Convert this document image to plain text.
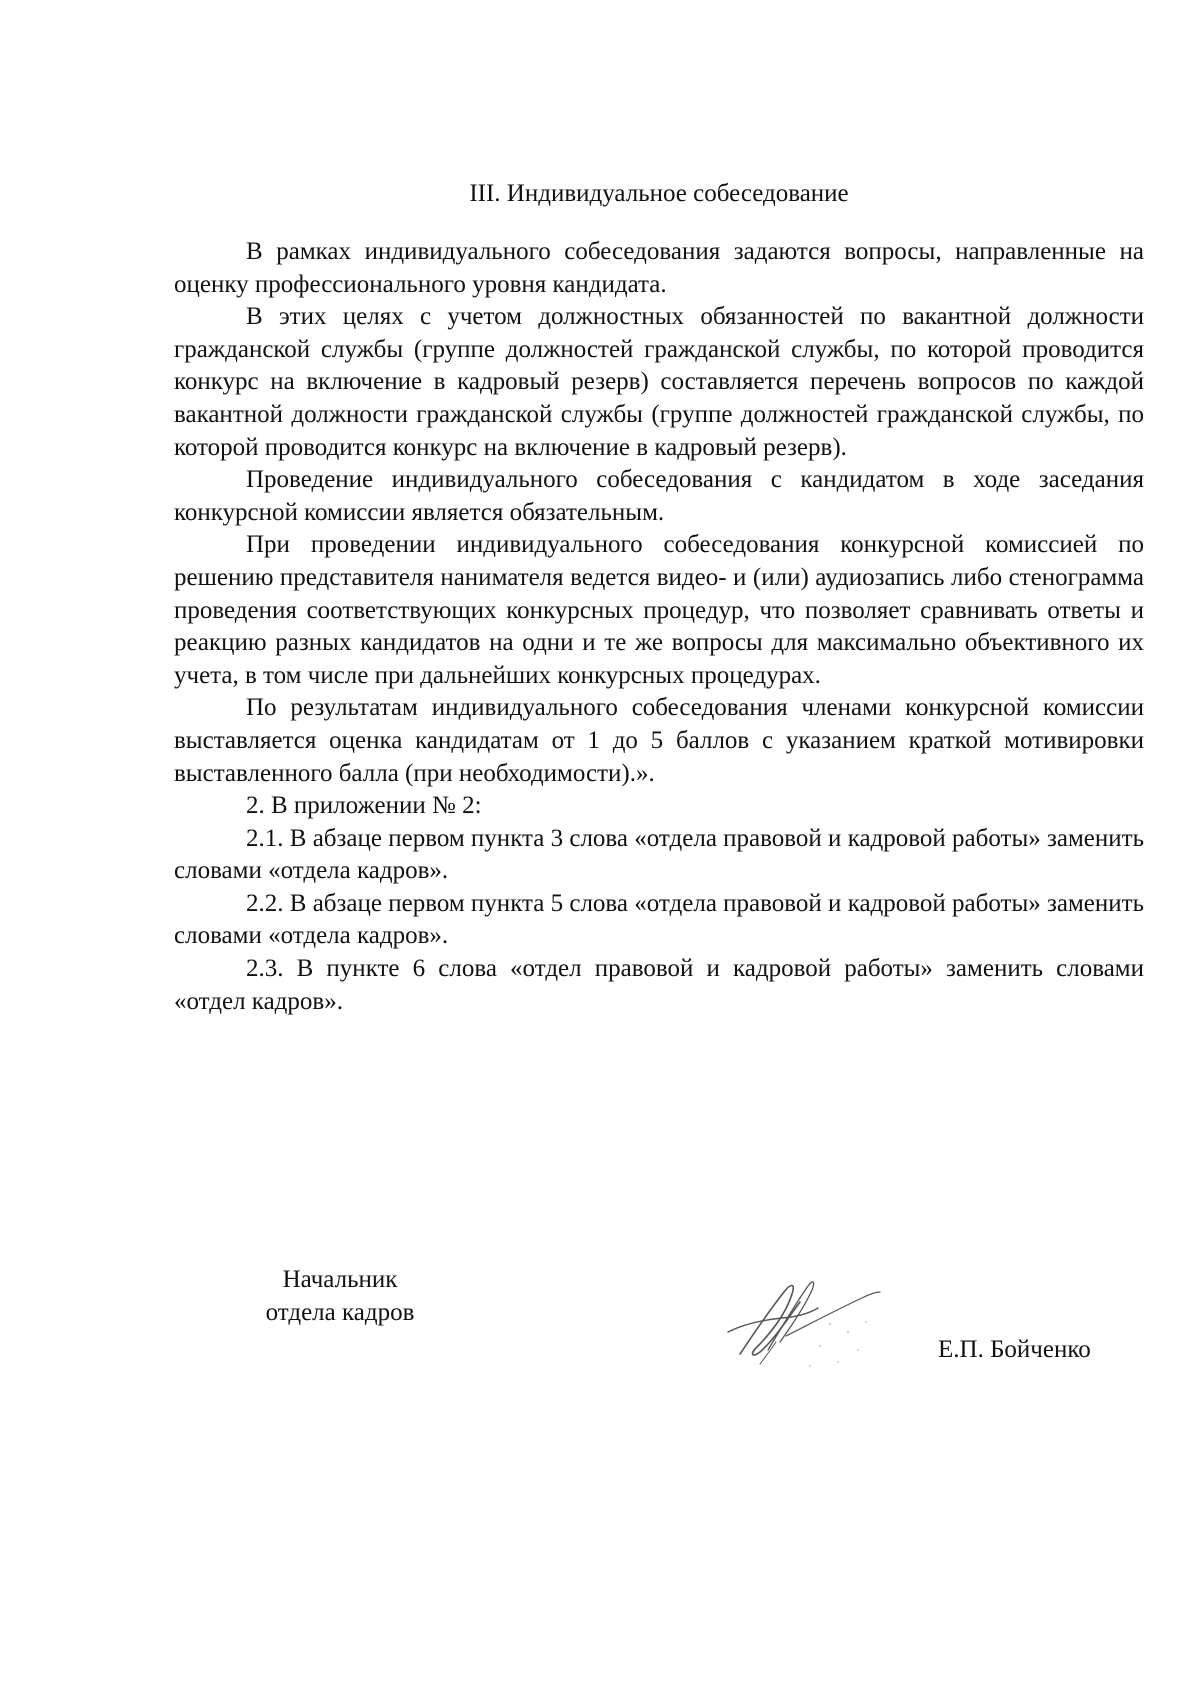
III. Индивидуальное собеседование

В рамках индивидуального собеседования задаются вопросы, направленные на оценку профессионального уровня кандидата.

В этих целях с учетом должностных обязанностей по вакантной должности гражданской службы (группе должностей гражданской службы, по которой проводится конкурс на включение в кадровый резерв) составляется перечень вопросов по каждой вакантной должности гражданской службы (группе должностей гражданской службы, по которой проводится конкурс на включение в кадровый резерв).

Проведение индивидуального собеседования с кандидатом в ходе заседания конкурсной комиссии является обязательным.

При проведении индивидуального собеседования конкурсной комиссией по решению представителя нанимателя ведется видео- и (или) аудиозапись либо стенограмма проведения соответствующих конкурсных процедур, что позволяет сравнивать ответы и реакцию разных кандидатов на одни и те же вопросы для максимально объективного их учета, в том числе при дальнейших конкурсных процедурах.

По результатам индивидуального собеседования членами конкурсной комиссии выставляется оценка кандидатам от 1 до 5 баллов с указанием краткой мотивировки выставленного балла (при необходимости).».

2. В приложении № 2:

2.1. В абзаце первом пункта 3 слова «отдела правовой и кадровой работы» заменить словами «отдела кадров».

2.2. В абзаце первом пункта 5 слова «отдела правовой и кадровой работы» заменить словами «отдела кадров».

2.3. В пункте 6 слова «отдел правовой и кадровой работы» заменить словами «отдел кадров».

Начальник
отдела кадров
Е.П. Бойченко
